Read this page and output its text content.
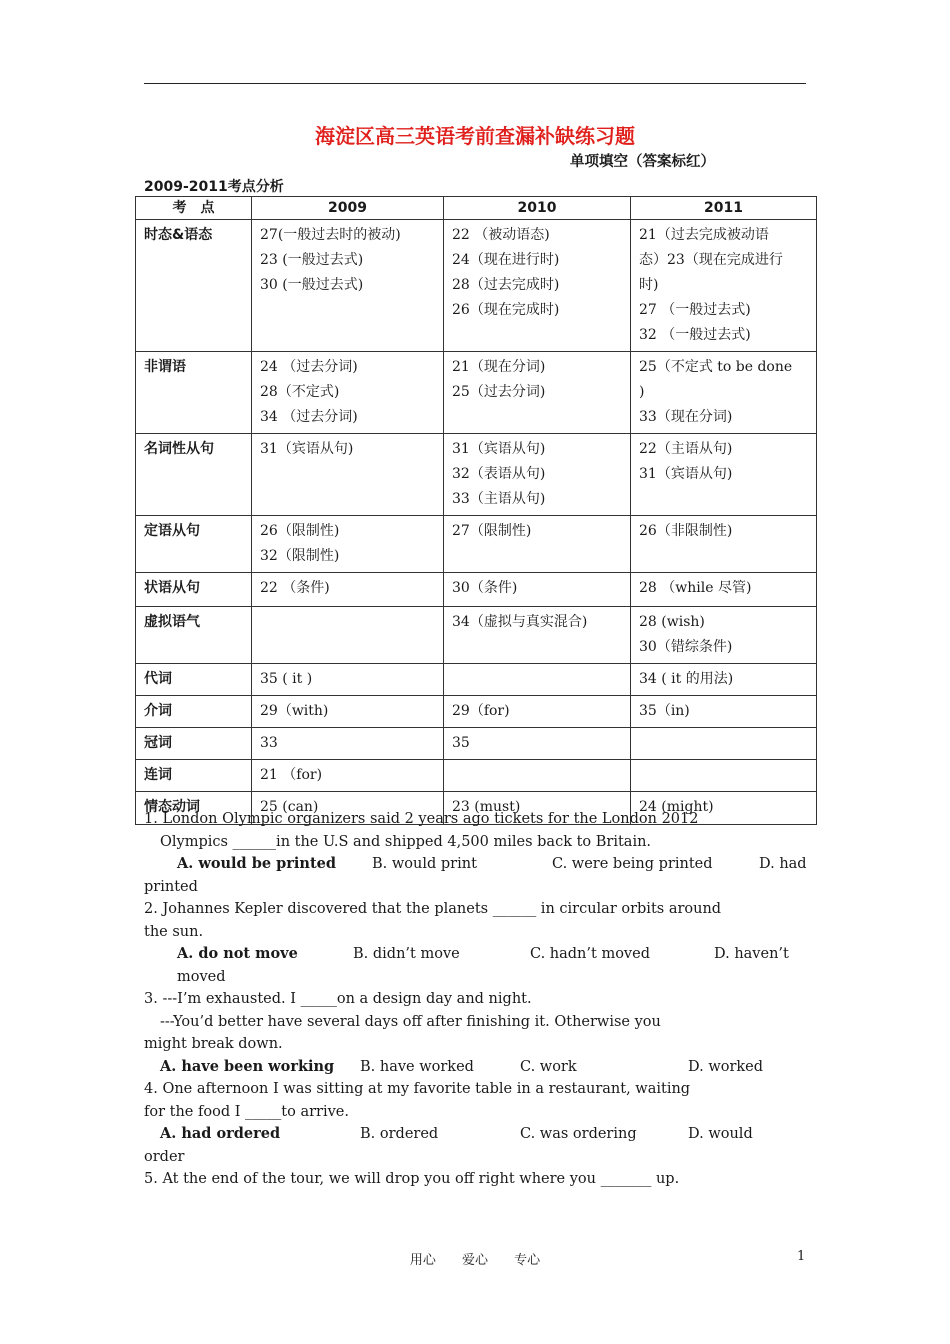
海淀区高三英语考前查漏补缺练习题
单项填空（答案标红）
2009-2011考点分析
考　点	2009	2010	2011
时态&语态	27(一般过去时的被动)
23 (一般过去式)
30 (一般过去式)	22 （被动语态)
24（现在进行时)
28（过去完成时)
26（现在完成时)	21（过去完成被动语
态）23（现在完成进行
时)
27 （一般过去式)
32 （一般过去式)

非谓语	24 （过去分词)
28（不定式)
34 （过去分词)	21（现在分词)
25（过去分词)	25（不定式 to be done
)
33（现在分词)

名词性从句	31（宾语从句)	31（宾语从句)
32（表语从句)
33（主语从句)	22（主语从句)
31（宾语从句)

定语从句	26（限制性)
32（限制性)	27（限制性)	26（非限制性)

状语从句	22 （条件)	30（条件)	28 （while 尽管)

虚拟语气		34（虚拟与真实混合)	28 (wish)
30（错综条件)

代词	35 ( it )		34 ( it 的用法)

介词	29（with)	29（for)	35（in)

冠词	33	35	

连词	21 （for)		

情态动词	25 (can)	23 (must)	24 (might)
1. London Olympic organizers said 2 years ago tickets for the London 2012
Olympics ______in the U.S and shipped 4,500 miles back to Britain.
A. would be printed B. would print	C. were being printed	D. had
printed
2. Johannes Kepler discovered that the planets ______ in circular orbits around
the sun.
A. do not move	B. didn’t move	C. hadn’t moved	D. haven’t
moved
3. ---I’m exhausted. I _____on a design day and night.
---You’d better have several days off after finishing it. Otherwise you
might break down.
A. have been working B. have worked	C. work	D. worked
4. One afternoon I was sitting at my favorite table in a restaurant, waiting
for the food I _____to arrive.
A. had ordered	B. ordered	C. was ordering	D. would
order
5. At the end of the tour, we will drop you off right where you _______ up.
用心 爱心 专心	1
